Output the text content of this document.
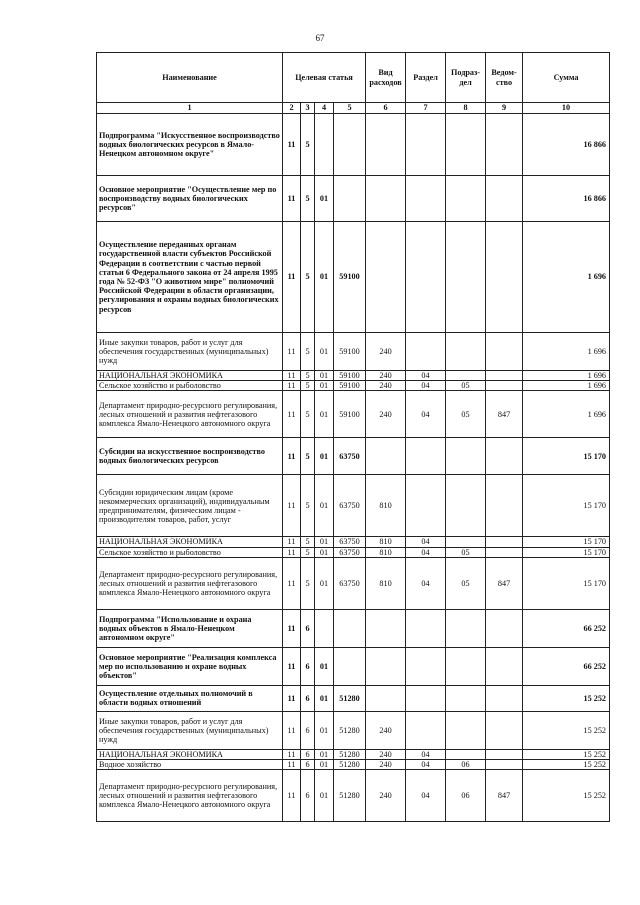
67
Наименование	Целевая статья				Вид расходов	Раздел	Подраз-дел	Ведом-ство	Сумма
1	2	3	4	5	6	7	8	9	10
Подпрограмма "Искусственное воспроизводство водных биологических ресурсов в Ямало-Ненецком автономном округе"	11	5							16 866
Основное мероприятие "Осуществление мер по воспроизводству водных биологических ресурсов"	11	5	01						16 866
Осуществление переданных органам государственной власти субъектов Российской Федерации в соответствии с частью первой статьи 6 Федерального закона от 24 апреля 1995 года № 52-ФЗ "О животном мире" полномочий Российской Федерации в области организации, регулирования и охраны водных биологических ресурсов	11	5	01	59100					1 696
Иные закупки товаров, работ и услуг для обеспечения государственных (муниципальных) нужд	11	5	01	59100	240				1 696
НАЦИОНАЛЬНАЯ ЭКОНОМИКА	11	5	01	59100	240	04			1 696
Сельское хозяйство и рыболовство	11	5	01	59100	240	04	05		1 696
Департамент природно-ресурсного регулирования, лесных отношений и развития нефтегазового комплекса Ямало-Ненецкого автономного округа	11	5	01	59100	240	04	05	847	1 696
Субсидии на искусственное воспроизводство водных биологических ресурсов	11	5	01	63750					15 170
Субсидии юридическим лицам (кроме некоммерческих организаций), индивидуальным предпринимателям, физическим лицам - производителям товаров, работ, услуг	11	5	01	63750	810				15 170
НАЦИОНАЛЬНАЯ ЭКОНОМИКА	11	5	01	63750	810	04			15 170
Сельское хозяйство и рыболовство	11	5	01	63750	810	04	05		15 170
Департамент природно-ресурсного регулирования, лесных отношений и развития нефтегазового комплекса Ямало-Ненецкого автономного округа	11	5	01	63750	810	04	05	847	15 170
Подпрограмма "Использование и охрана водных объектов в Ямало-Ненецком автономном округе"	11	6							66 252
Основное мероприятие "Реализация комплекса мер по использованию и охране водных объектов"	11	6	01						66 252
Осуществление отдельных полномочий в области водных отношений	11	6	01	51280					15 252
Иные закупки товаров, работ и услуг для обеспечения государственных (муниципальных) нужд	11	6	01	51280	240				15 252
НАЦИОНАЛЬНАЯ ЭКОНОМИКА	11	6	01	51280	240	04			15 252
Водное хозяйство	11	6	01	51280	240	04	06		15 252
Департамент природно-ресурсного регулирования, лесных отношений и развития нефтегазового комплекса Ямало-Ненецкого автономного округа	11	6	01	51280	240	04	06	847	15 252
